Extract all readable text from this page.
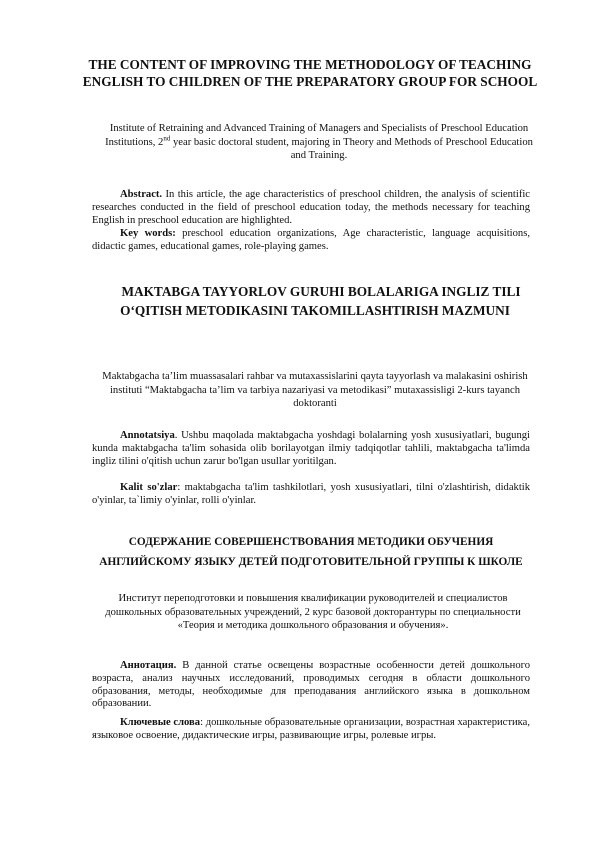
THE CONTENT OF IMPROVING THE METHODOLOGY OF TEACHING ENGLISH TO CHILDREN OF THE PREPARATORY GROUP FOR SCHOOL

Institute of Retraining and Advanced Training of Managers and Specialists of Preschool Education Institutions, 2nd year basic doctoral student, majoring in Theory and Methods of Preschool Education and Training.

Abstract. In this article, the age characteristics of preschool children, the analysis of scientific researches conducted in the field of preschool education today, the methods necessary for teaching English in preschool education are highlighted.

Key words: preschool education organizations, Age characteristic, language acquisitions, didactic games, educational games, role-playing games.

MAKTABGA TAYYORLOV GURUHI BOLALARIGA INGLIZ TILI O‘QITISH METODIKASINI TAKOMILLASHTIRISH MAZMUNI

Maktabgacha ta’lim muassasalari rahbar va mutaxassislarini qayta tayyorlash va malakasini oshirish instituti “Maktabgacha ta’lim va tarbiya nazariyasi va metodikasi” mutaxassisligi 2-kurs tayanch doktoranti

Annotatsiya. Ushbu maqolada maktabgacha yoshdagi bolalarning yosh xususiyatlari, bugungi kunda maktabgacha ta'lim sohasida olib borilayotgan ilmiy tadqiqotlar tahlili, maktabgacha ta'limda ingliz tilini o'qitish uchun zarur bo'lgan usullar yoritilgan.

Kalit so'zlar: maktabgacha ta'lim tashkilotlari, yosh xususiyatlari, tilni o'zlashtirish, didaktik o'yinlar, ta`limiy o'yinlar, rolli o'yinlar.

СОДЕРЖАНИЕ СОВЕРШЕНСТВОВАНИЯ МЕТОДИКИ ОБУЧЕНИЯ АНГЛИЙСКОМУ ЯЗЫКУ ДЕТЕЙ ПОДГОТОВИТЕЛЬНОЙ ГРУППЫ К ШКОЛЕ

Институт переподготовки и повышения квалификации руководителей и специалистов дошкольных образовательных учреждений, 2 курс базовой докторантуры по специальности «Теория и методика дошкольного образования и обучения».

Аннотация. В данной статье освещены возрастные особенности детей дошкольного возраста, анализ научных исследований, проводимых сегодня в области дошкольного образования, методы, необходимые для преподавания английского языка в дошкольном образовании.

Ключевые слова: дошкольные образовательные организации, возрастная характеристика, языковое освоение, дидактические игры, развивающие игры, ролевые игры.
